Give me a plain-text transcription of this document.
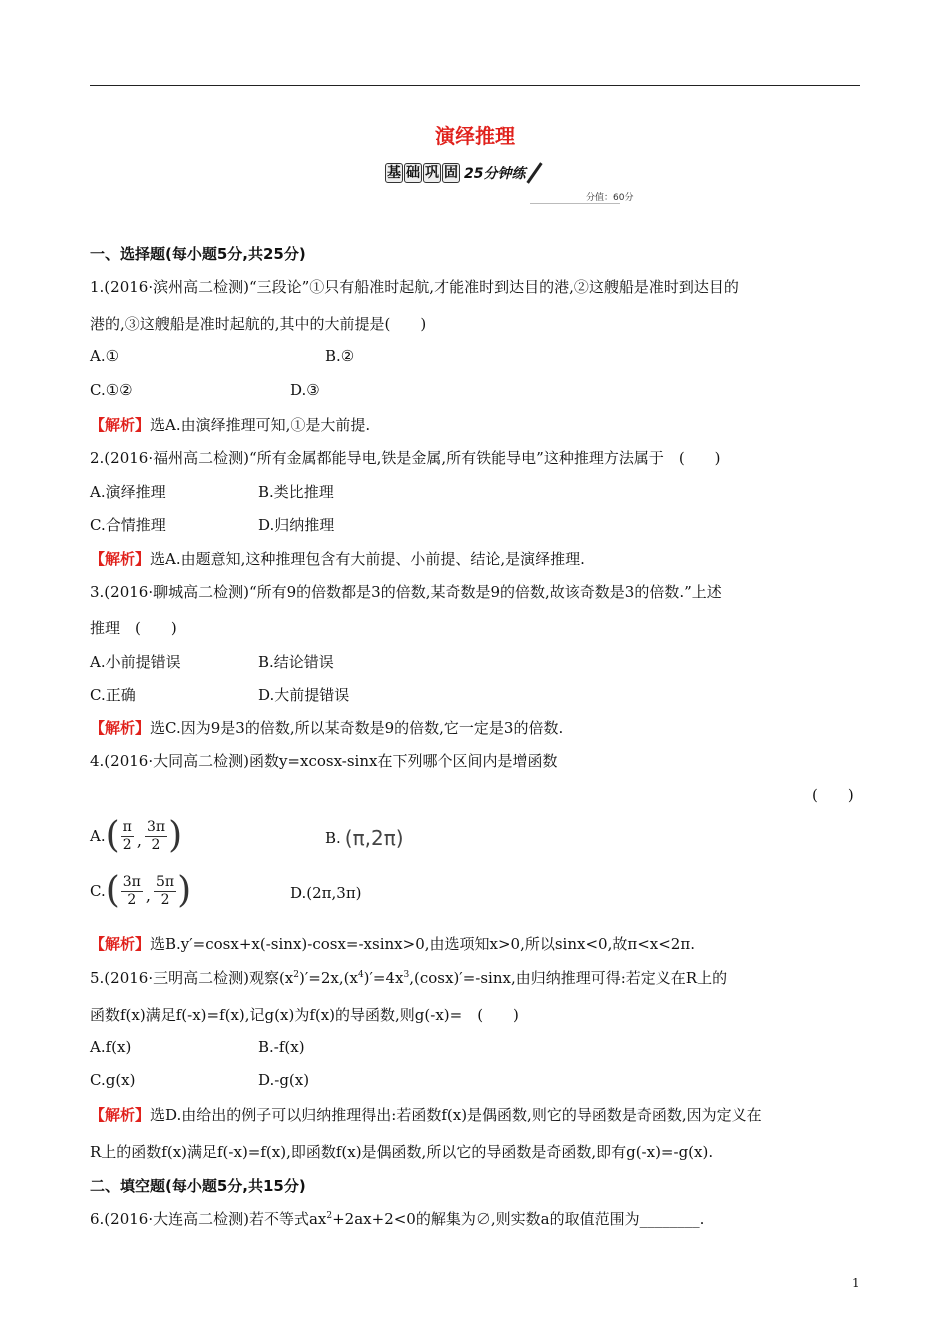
演绎推理
基 础 巩 固 25分钟练
分值：60分
一、选择题(每小题5分,共25分)
1.(2016·滨州高二检测)“三段论”①只有船准时起航,才能准时到达目的港,②这艘船是准时到达目的
港的,③这艘船是准时起航的,其中的大前提是(　　)
A.①	B.②
C.①②	D.③
【解析】选A.由演绎推理可知,①是大前提.
2.(2016·福州高二检测)“所有金属都能导电,铁是金属,所有铁能导电”这种推理方法属于　(　　)
A.演绎推理	B.类比推理
C.合情推理	D.归纳推理
【解析】选A.由题意知,这种推理包含有大前提、小前提、结论,是演绎推理.
3.(2016·聊城高二检测)“所有9的倍数都是3的倍数,某奇数是9的倍数,故该奇数是3的倍数.”上述
推理　(　　)
A.小前提错误	B.结论错误
C.正确	D.大前提错误
【解析】选C.因为9是3的倍数,所以某奇数是9的倍数,它一定是3的倍数.
4.(2016·大同高二检测)函数y=xcosx-sinx在下列哪个区间内是增函数
(　　)
A. ( $\frac{\pi}{2}$ , $\frac{3\pi}{2}$ )	B. (π,2π)
C. ( $\frac{3\pi}{2}$ , $\frac{5\pi}{2}$ )	D.(2π,3π)
【解析】选B.y′=cosx+x(-sinx)-cosx=-xsinx>0,由选项知x>0,所以sinx<0,故π<x<2π.
5.(2016·三明高二检测)观察$(x^2)'=2x,(x^4)'=4x^3,(\cos x)'=$-sinx,由归纳推理可得:若定义在R上的
函数f(x)满足f(-x)=f(x),记g(x)为f(x)的导函数,则g(-x)=　(　　)
A.f(x)	B.-f(x)
C.g(x)	D.-g(x)
【解析】选D.由给出的例子可以归纳推理得出:若函数f(x)是偶函数,则它的导函数是奇函数,因为定义在
R上的函数f(x)满足f(-x)=f(x),即函数f(x)是偶函数,所以它的导函数是奇函数,即有g(-x)=-g(x).
二、填空题(每小题5分,共15分)
6.(2016·大连高二检测)若不等式$ax^2+2ax+2<0$的解集为∅,则实数a的取值范围为________.
1
